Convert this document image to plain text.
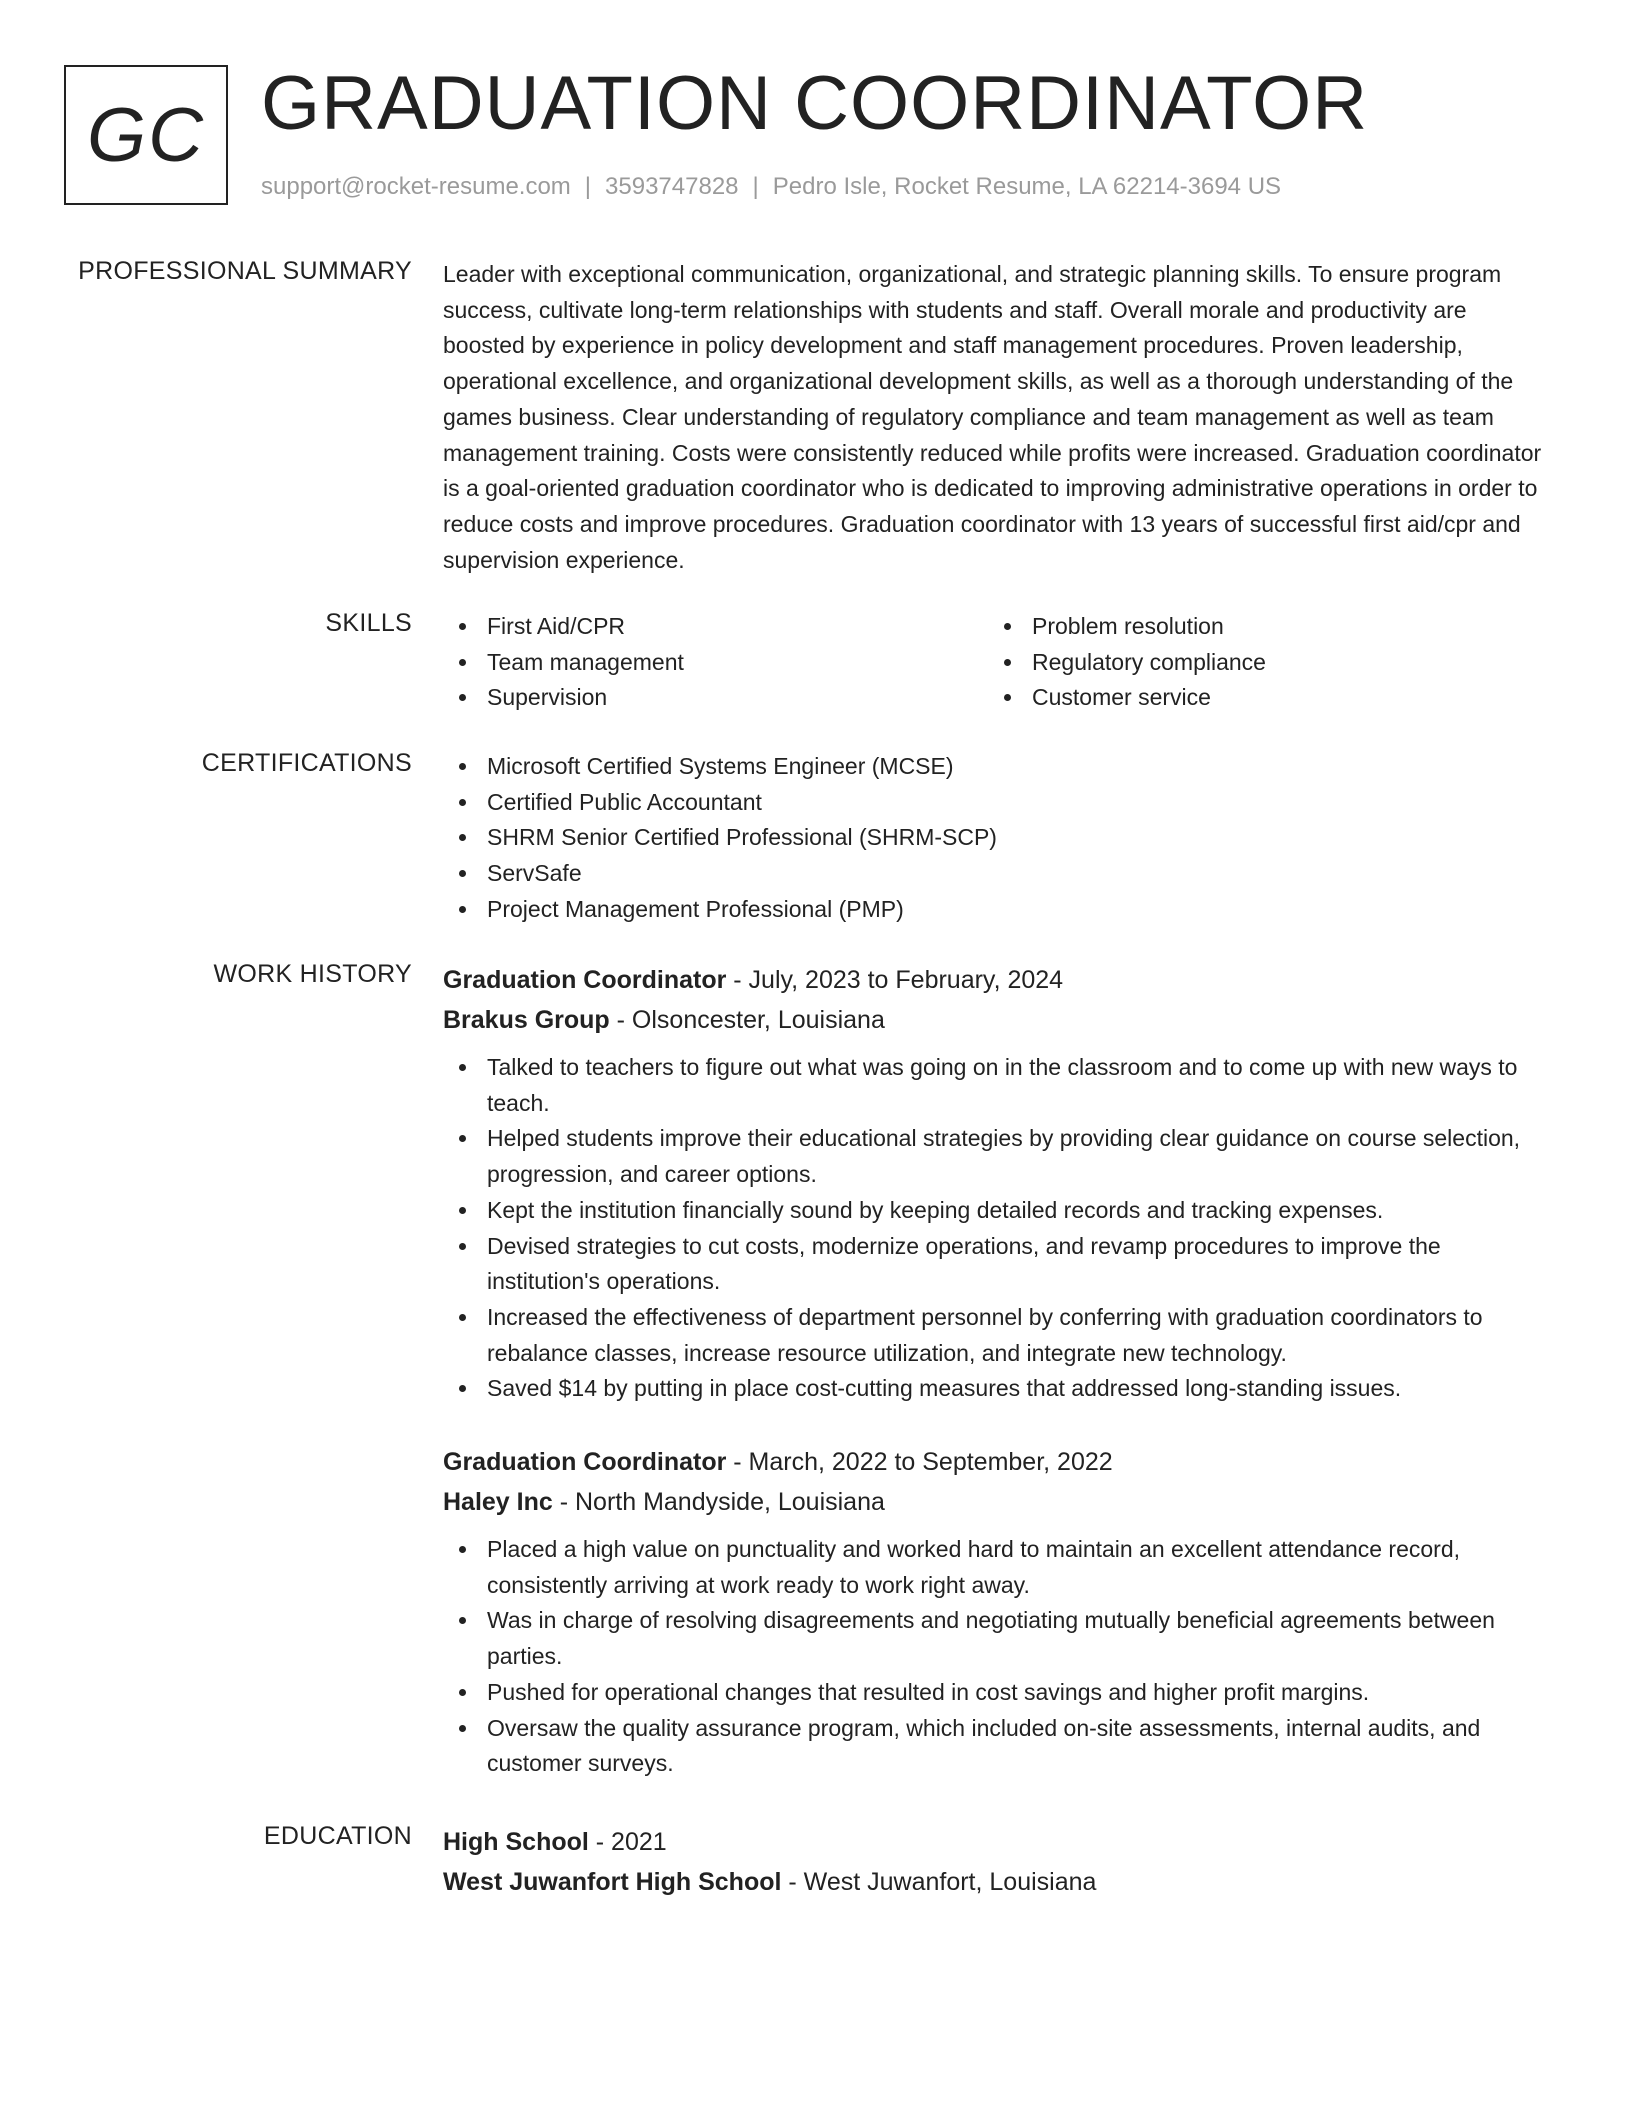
GC GRADUATION COORDINATOR
support@rocket-resume.com | 3593747828 | Pedro Isle, Rocket Resume, LA 62214-3694 US
PROFESSIONAL SUMMARY Leader with exceptional communication, organizational, and strategic planning skills. To ensure program success, cultivate long-term relationships with students and staff. Overall morale and productivity are boosted by experience in policy development and staff management procedures. Proven leadership, operational excellence, and organizational development skills, as well as a thorough understanding of the games business. Clear understanding of regulatory compliance and team management as well as team management training. Costs were consistently reduced while profits were increased. Graduation coordinator is a goal-oriented graduation coordinator who is dedicated to improving administrative operations in order to reduce costs and improve procedures. Graduation coordinator with 13 years of successful first aid/cpr and supervision experience.
SKILLS	First Aid/CPR
Team management
Supervision
Problem resolution
Regulatory compliance
Customer service
CERTIFICATIONS	Microsoft Certified Systems Engineer (MCSE)
Certified Public Accountant
SHRM Senior Certified Professional (SHRM-SCP)
ServSafe
Project Management Professional (PMP)
WORK HISTORY Graduation Coordinator - July, 2023 to February, 2024
Brakus Group - Olsoncester, Louisiana
Talked to teachers to figure out what was going on in the classroom and to come up with new ways to teach.
Helped students improve their educational strategies by providing clear guidance on course selection, progression, and career options.
Kept the institution financially sound by keeping detailed records and tracking expenses.
Devised strategies to cut costs, modernize operations, and revamp procedures to improve the institution's operations.
Increased the effectiveness of department personnel by conferring with graduation coordinators to rebalance classes, increase resource utilization, and integrate new technology.
Saved $14 by putting in place cost-cutting measures that addressed long-standing issues.
Graduation Coordinator - March, 2022 to September, 2022
Haley Inc - North Mandyside, Louisiana
Placed a high value on punctuality and worked hard to maintain an excellent attendance record, consistently arriving at work ready to work right away.
Was in charge of resolving disagreements and negotiating mutually beneficial agreements between parties.
Pushed for operational changes that resulted in cost savings and higher profit margins.
Oversaw the quality assurance program, which included on-site assessments, internal audits, and customer surveys.
EDUCATION High School - 2021
West Juwanfort High School - West Juwanfort, Louisiana
